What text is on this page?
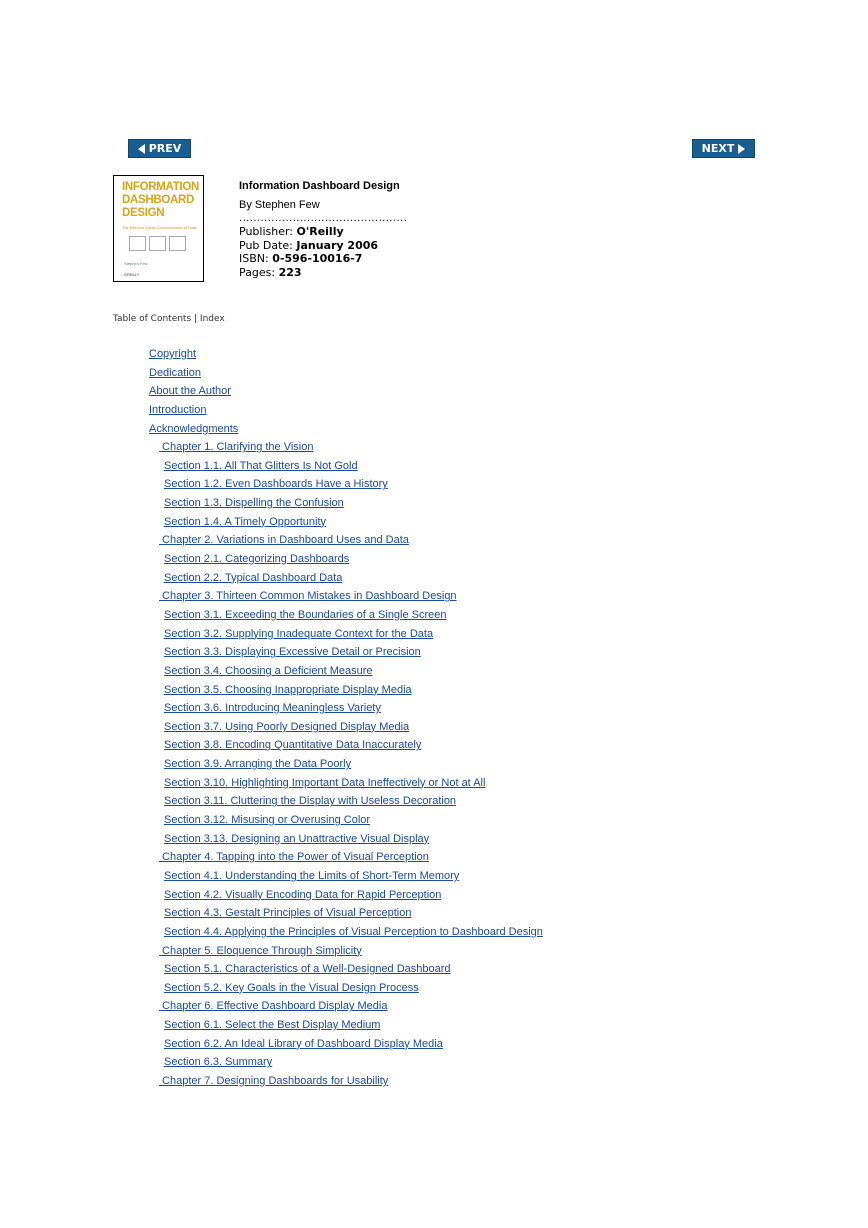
PREV	NEXT
INFORMATION
DASHBOARD
DESIGN
The Effective Visual Communication of Data
Stephen Few
O'REILLY
Information Dashboard Design
By Stephen Few
...............................................
Publisher: O'Reilly
Pub Date: January 2006
ISBN: 0-596-10016-7
Pages: 223
Table of Contents | Index
Copyright
Dedication
About the Author
Introduction
Acknowledgments
Chapter 1. Clarifying the Vision
Section 1.1. All That Glitters Is Not Gold
Section 1.2. Even Dashboards Have a History
Section 1.3. Dispelling the Confusion
Section 1.4. A Timely Opportunity
Chapter 2. Variations in Dashboard Uses and Data
Section 2.1. Categorizing Dashboards
Section 2.2. Typical Dashboard Data
Chapter 3. Thirteen Common Mistakes in Dashboard Design
Section 3.1. Exceeding the Boundaries of a Single Screen
Section 3.2. Supplying Inadequate Context for the Data
Section 3.3. Displaying Excessive Detail or Precision
Section 3.4. Choosing a Deficient Measure
Section 3.5. Choosing Inappropriate Display Media
Section 3.6. Introducing Meaningless Variety
Section 3.7. Using Poorly Designed Display Media
Section 3.8. Encoding Quantitative Data Inaccurately
Section 3.9. Arranging the Data Poorly
Section 3.10. Highlighting Important Data Ineffectively or Not at All
Section 3.11. Cluttering the Display with Useless Decoration
Section 3.12. Misusing or Overusing Color
Section 3.13. Designing an Unattractive Visual Display
Chapter 4. Tapping into the Power of Visual Perception
Section 4.1. Understanding the Limits of Short-Term Memory
Section 4.2. Visually Encoding Data for Rapid Perception
Section 4.3. Gestalt Principles of Visual Perception
Section 4.4. Applying the Principles of Visual Perception to Dashboard Design
Chapter 5. Eloquence Through Simplicity
Section 5.1. Characteristics of a Well-Designed Dashboard
Section 5.2. Key Goals in the Visual Design Process
Chapter 6. Effective Dashboard Display Media
Section 6.1. Select the Best Display Medium
Section 6.2. An Ideal Library of Dashboard Display Media
Section 6.3. Summary
Chapter 7. Designing Dashboards for Usability
